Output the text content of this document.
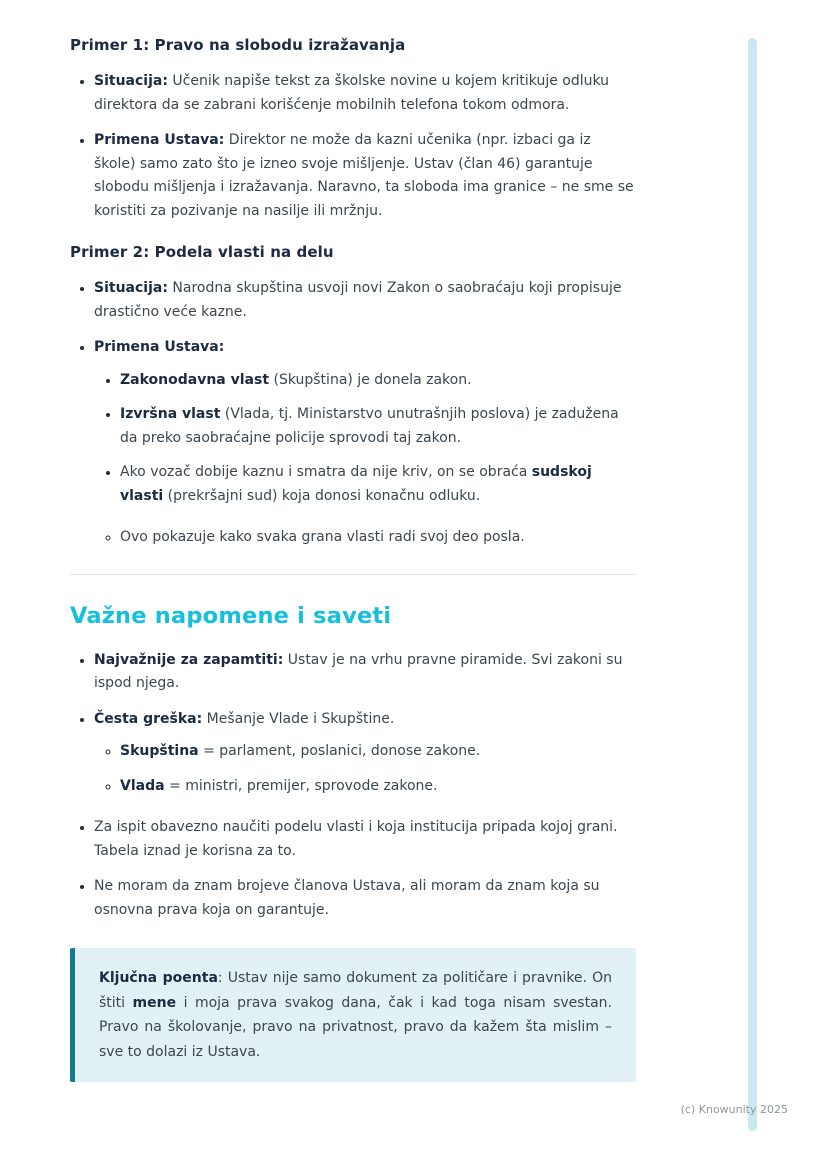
Primer 1: Pravo na slobodu izražavanja
• Situacija: Učenik napiše tekst za školske novine u kojem kritikuje odluku direktora da se zabrani korišćenje mobilnih telefona tokom odmora.
• Primena Ustava: Direktor ne može da kazni učenika (npr. izbaci ga iz škole) samo zato što je izneo svoje mišljenje. Ustav (član 46) garantuje slobodu mišljenja i izražavanja. Naravno, ta sloboda ima granice – ne sme se koristiti za pozivanje na nasilje ili mržnju.
Primer 2: Podela vlasti na delu
• Situacija: Narodna skupština usvoji novi Zakon o saobraćaju koji propisuje drastično veće kazne.
• Primena Ustava:
• Zakonodavna vlast (Skupština) je donela zakon.
• Izvršna vlast (Vlada, tj. Ministarstvo unutrašnjih poslova) je zadužena da preko saobraćajne policije sprovodi taj zakon.
• Ako vozač dobije kaznu i smatra da nije kriv, on se obraća sudskoj vlasti (prekršajni sud) koja donosi konačnu odluku.
◦ Ovo pokazuje kako svaka grana vlasti radi svoj deo posla.
Važne napomene i saveti
• Najvažnije za zapamtiti: Ustav je na vrhu pravne piramide. Svi zakoni su ispod njega.
• Česta greška: Mešanje Vlade i Skupštine.
◦ Skupština = parlament, poslanici, donose zakone.
◦ Vlada = ministri, premijer, sprovode zakone.
• Za ispit obavezno naučiti podelu vlasti i koja institucija pripada kojoj grani. Tabela iznad je korisna za to.
• Ne moram da znam brojeve članova Ustava, ali moram da znam koja su osnovna prava koja on garantuje.

Ključna poenta: Ustav nije samo dokument za političare i pravnike. On štiti mene i moja prava svakog dana, čak i kad toga nisam svestan. Pravo na školovanje, pravo na privatnost, pravo da kažem šta mislim – sve to dolazi iz Ustava.

(c) Knowunity 2025
